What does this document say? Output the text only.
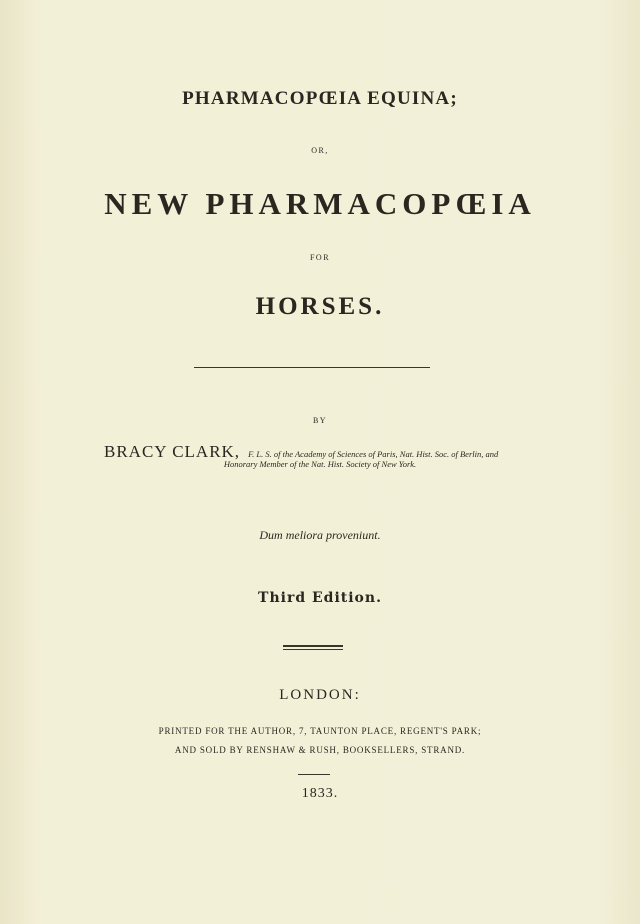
PHARMACOPŒIA EQUINA;
OR,
NEW PHARMACOPŒIA
FOR
HORSES.
BY
BRACY CLARK, F. L. S. of the Academy of Sciences of Paris, Nat. Hist. Soc. of Berlin, and
Honorary Member of the Nat. Hist. Society of New York.
Dum meliora proveniunt.
Third Edition.
LONDON:
PRINTED FOR THE AUTHOR, 7, TAUNTON PLACE, REGENT'S PARK;
AND SOLD BY RENSHAW & RUSH, BOOKSELLERS, STRAND.
1833.
